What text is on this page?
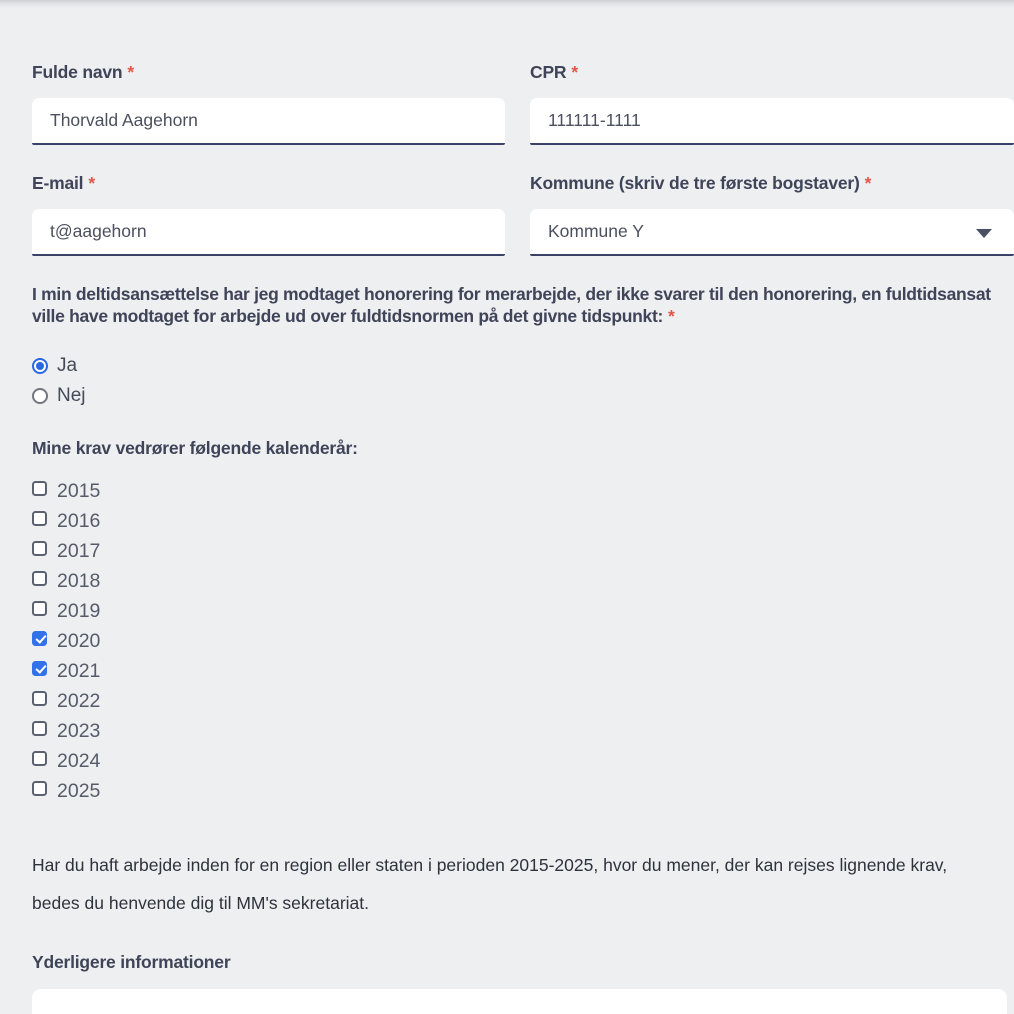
Fulde navn *
Thorvald Aagehorn
E-mail *
t@aagehorn
CPR *
111111-1111
Kommune (skriv de tre første bogstaver) *
Kommune Y
I min deltidsansættelse har jeg modtaget honorering for merarbejde, der ikke svarer til den honorering, en fuldtidsansat ville have modtaget for arbejde ud over fuldtidsnormen på det givne tidspunkt: *
Ja
Nej
Mine krav vedrører følgende kalenderår:
2015
2016
2017
2018
2019
2020
2021
2022
2023
2024
2025

Har du haft arbejde inden for en region eller staten i perioden 2015-2025, hvor du mener, der kan rejses lignende krav, bedes du henvende dig til MM's sekretariat.

Yderligere informationer
